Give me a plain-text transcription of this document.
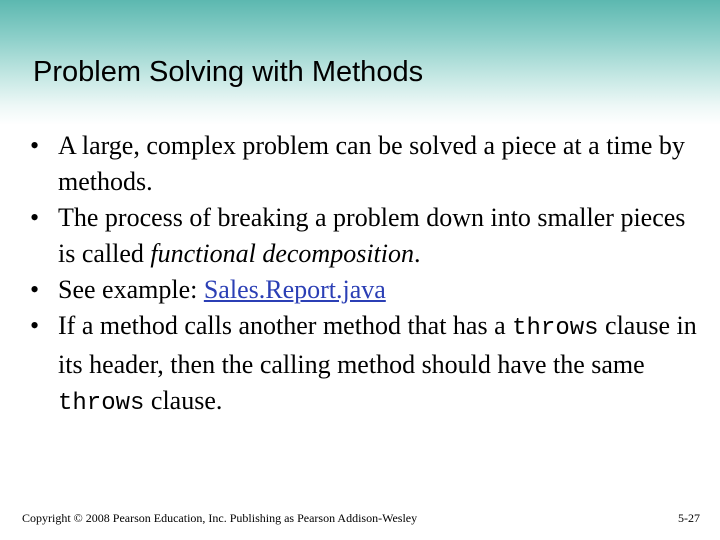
Problem Solving with Methods
• A large, complex problem can be solved a piece at a time by methods.
• The process of breaking a problem down into smaller pieces is called functional decomposition.
• See example: Sales.Report.java
• If a method calls another method that has a throws clause in its header, then the calling method should have the same throws clause.
Copyright © 2008 Pearson Education, Inc. Publishing as Pearson Addison-Wesley	5-27
